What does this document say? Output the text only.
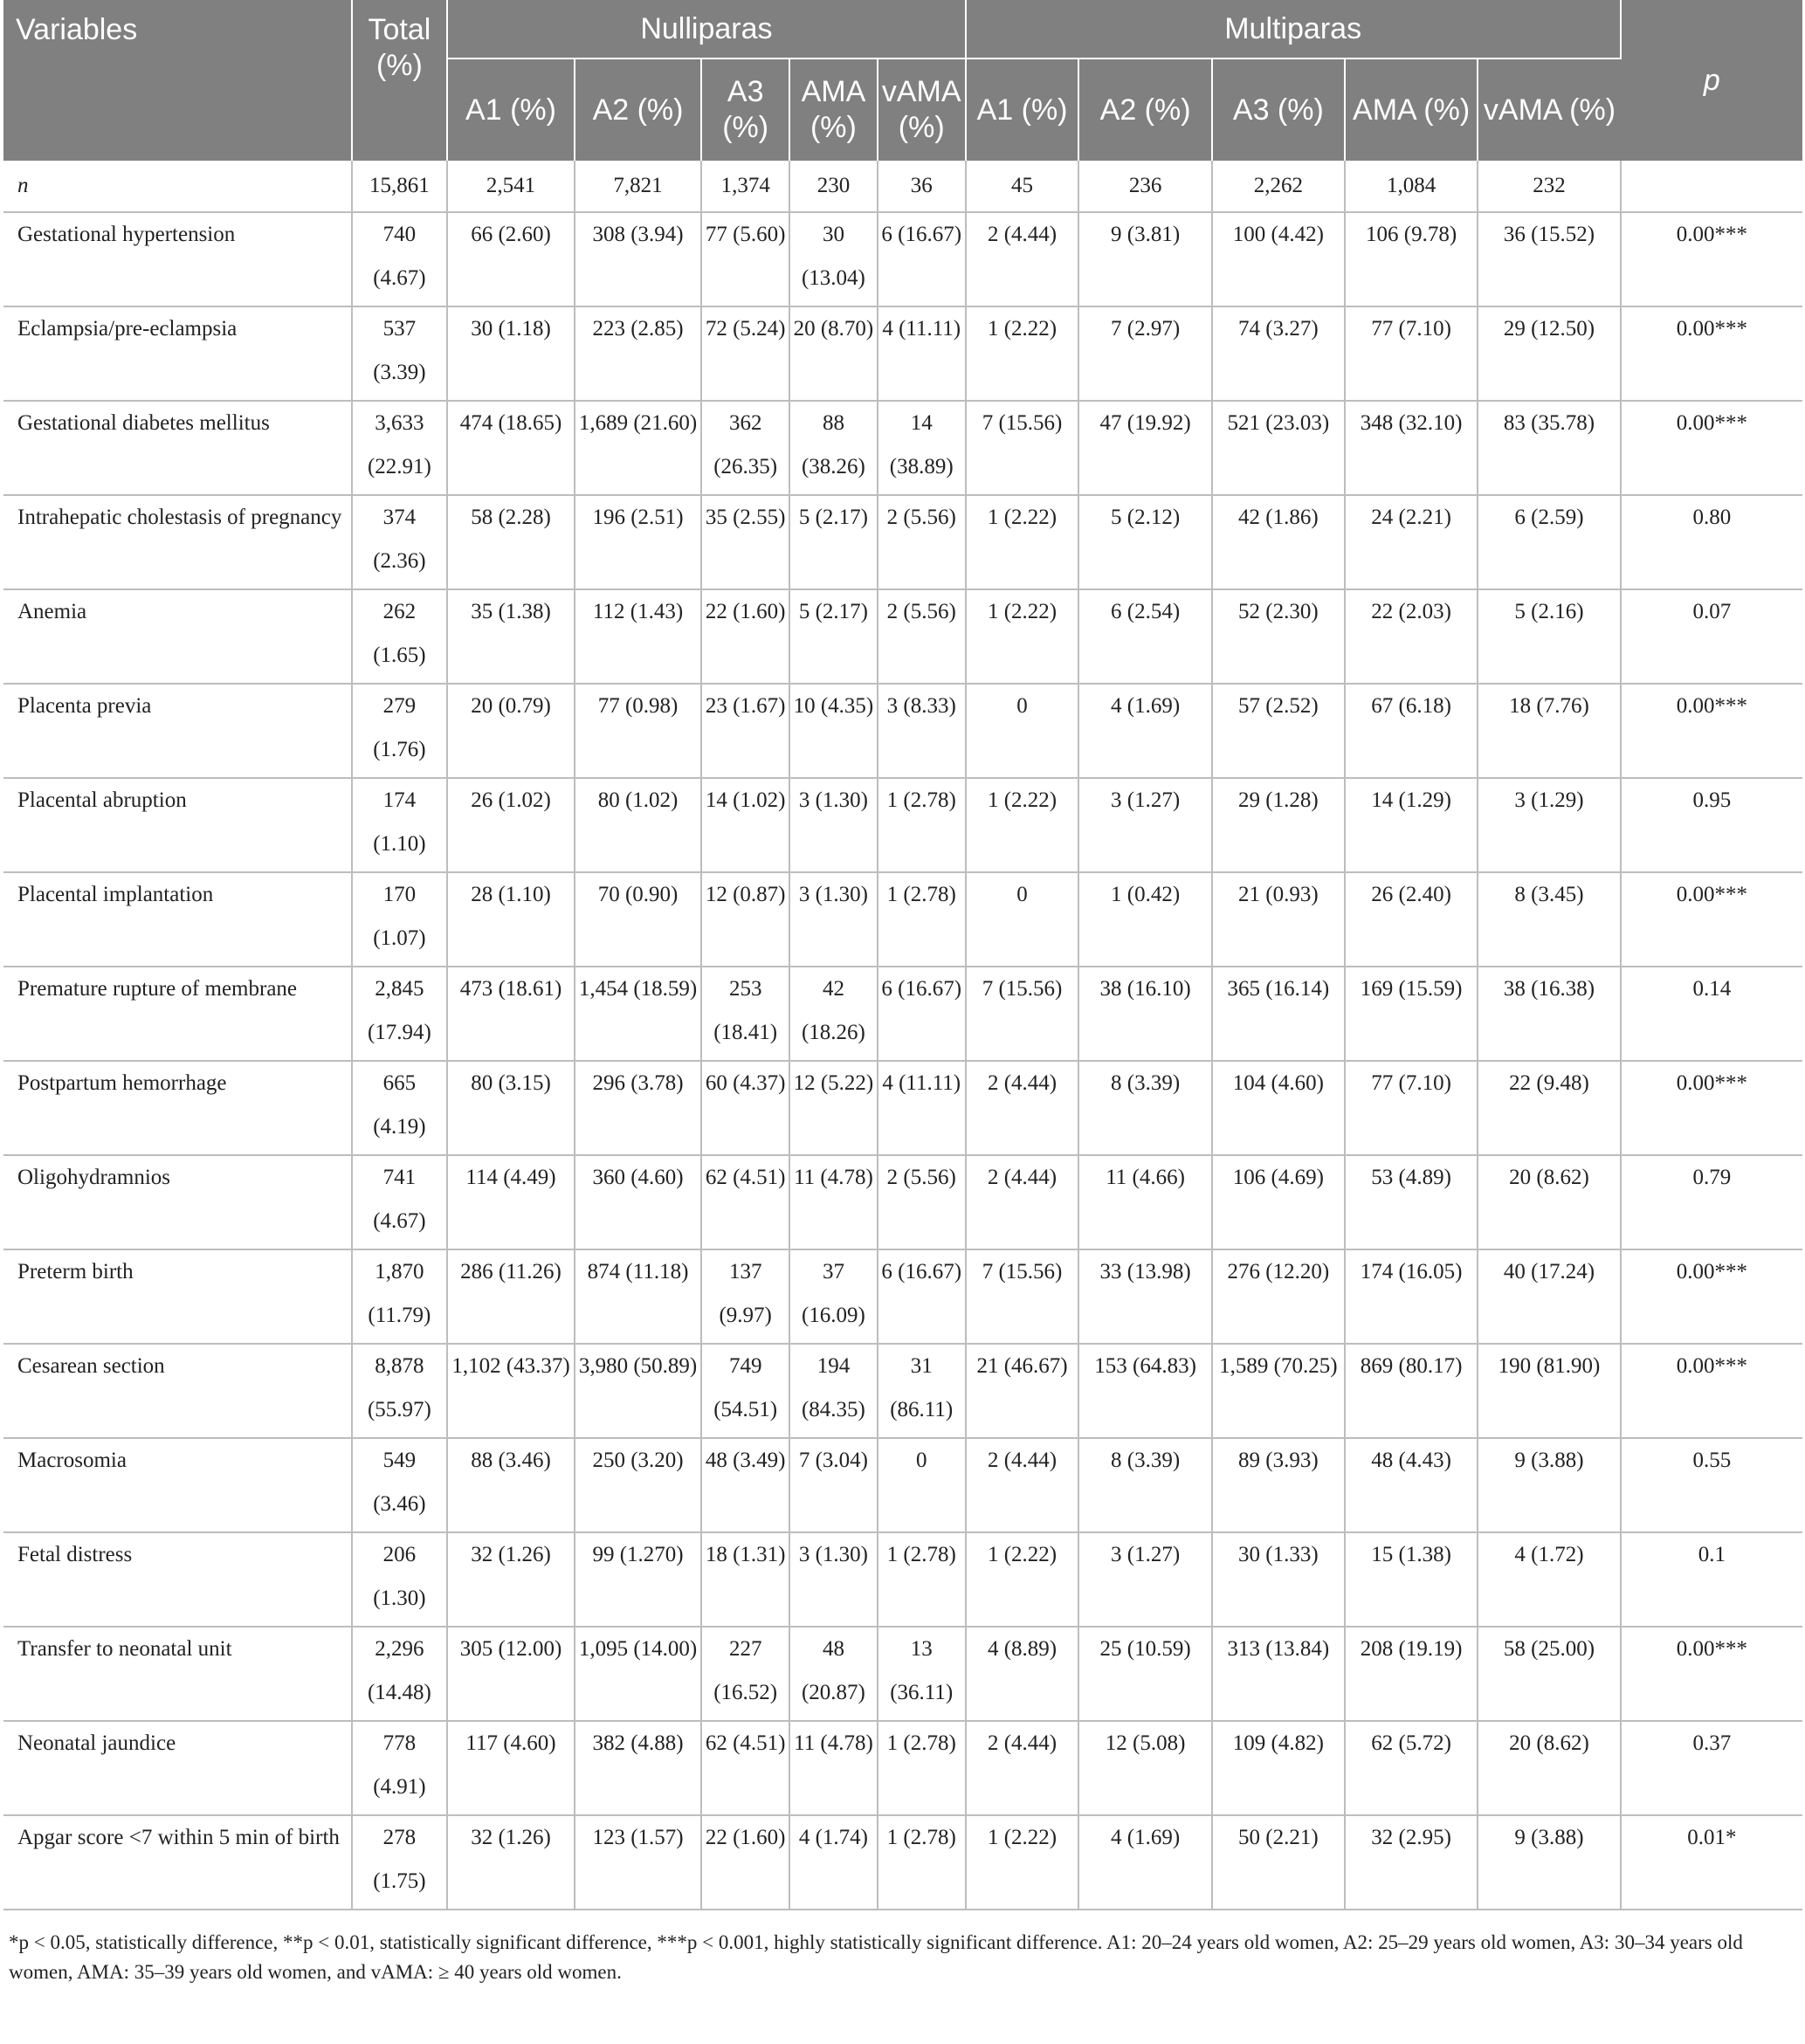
Variables	Total (%)	Nulliparas					Multiparas					p
		A1 (%)	A2 (%)	A3 (%)	AMA (%)	vAMA (%)	A1 (%)	A2 (%)	A3 (%)	AMA (%)	vAMA (%)	
n	15,861	2,541	7,821	1,374	230	36	45	236	2,262	1,084	232	
Gestational hypertension	740 (4.67)	66 (2.60)	308 (3.94)	77 (5.60)	30 (13.04)	6 (16.67)	2 (4.44)	9 (3.81)	100 (4.42)	106 (9.78)	36 (15.52)	0.00***
Eclampsia/pre-eclampsia	537 (3.39)	30 (1.18)	223 (2.85)	72 (5.24)	20 (8.70)	4 (11.11)	1 (2.22)	7 (2.97)	74 (3.27)	77 (7.10)	29 (12.50)	0.00***
Gestational diabetes mellitus	3,633 (22.91)	474 (18.65)	1,689 (21.60)	362 (26.35)	88 (38.26)	14 (38.89)	7 (15.56)	47 (19.92)	521 (23.03)	348 (32.10)	83 (35.78)	0.00***
Intrahepatic cholestasis of pregnancy	374 (2.36)	58 (2.28)	196 (2.51)	35 (2.55)	5 (2.17)	2 (5.56)	1 (2.22)	5 (2.12)	42 (1.86)	24 (2.21)	6 (2.59)	0.80
Anemia	262 (1.65)	35 (1.38)	112 (1.43)	22 (1.60)	5 (2.17)	2 (5.56)	1 (2.22)	6 (2.54)	52 (2.30)	22 (2.03)	5 (2.16)	0.07
Placenta previa	279 (1.76)	20 (0.79)	77 (0.98)	23 (1.67)	10 (4.35)	3 (8.33)	0	4 (1.69)	57 (2.52)	67 (6.18)	18 (7.76)	0.00***
Placental abruption	174 (1.10)	26 (1.02)	80 (1.02)	14 (1.02)	3 (1.30)	1 (2.78)	1 (2.22)	3 (1.27)	29 (1.28)	14 (1.29)	3 (1.29)	0.95
Placental implantation	170 (1.07)	28 (1.10)	70 (0.90)	12 (0.87)	3 (1.30)	1 (2.78)	0	1 (0.42)	21 (0.93)	26 (2.40)	8 (3.45)	0.00***
Premature rupture of membrane	2,845 (17.94)	473 (18.61)	1,454 (18.59)	253 (18.41)	42 (18.26)	6 (16.67)	7 (15.56)	38 (16.10)	365 (16.14)	169 (15.59)	38 (16.38)	0.14
Postpartum hemorrhage	665 (4.19)	80 (3.15)	296 (3.78)	60 (4.37)	12 (5.22)	4 (11.11)	2 (4.44)	8 (3.39)	104 (4.60)	77 (7.10)	22 (9.48)	0.00***
Oligohydramnios	741 (4.67)	114 (4.49)	360 (4.60)	62 (4.51)	11 (4.78)	2 (5.56)	2 (4.44)	11 (4.66)	106 (4.69)	53 (4.89)	20 (8.62)	0.79
Preterm birth	1,870 (11.79)	286 (11.26)	874 (11.18)	137 (9.97)	37 (16.09)	6 (16.67)	7 (15.56)	33 (13.98)	276 (12.20)	174 (16.05)	40 (17.24)	0.00***
Cesarean section	8,878 (55.97)	1,102 (43.37)	3,980 (50.89)	749 (54.51)	194 (84.35)	31 (86.11)	21 (46.67)	153 (64.83)	1,589 (70.25)	869 (80.17)	190 (81.90)	0.00***
Macrosomia	549 (3.46)	88 (3.46)	250 (3.20)	48 (3.49)	7 (3.04)	0	2 (4.44)	8 (3.39)	89 (3.93)	48 (4.43)	9 (3.88)	0.55
Fetal distress	206 (1.30)	32 (1.26)	99 (1.270)	18 (1.31)	3 (1.30)	1 (2.78)	1 (2.22)	3 (1.27)	30 (1.33)	15 (1.38)	4 (1.72)	0.1
Transfer to neonatal unit	2,296 (14.48)	305 (12.00)	1,095 (14.00)	227 (16.52)	48 (20.87)	13 (36.11)	4 (8.89)	25 (10.59)	313 (13.84)	208 (19.19)	58 (25.00)	0.00***
Neonatal jaundice	778 (4.91)	117 (4.60)	382 (4.88)	62 (4.51)	11 (4.78)	1 (2.78)	2 (4.44)	12 (5.08)	109 (4.82)	62 (5.72)	20 (8.62)	0.37
Apgar score <7 within 5 min of birth	278 (1.75)	32 (1.26)	123 (1.57)	22 (1.60)	4 (1.74)	1 (2.78)	1 (2.22)	4 (1.69)	50 (2.21)	32 (2.95)	9 (3.88)	0.01*
*p < 0.05, statistically difference, **p < 0.01, statistically significant difference, ***p < 0.001, highly statistically significant difference. A1: 20–24 years old women, A2: 25–29 years old women, A3: 30–34 years old women, AMA: 35–39 years old women, and vAMA: ≥ 40 years old women.
